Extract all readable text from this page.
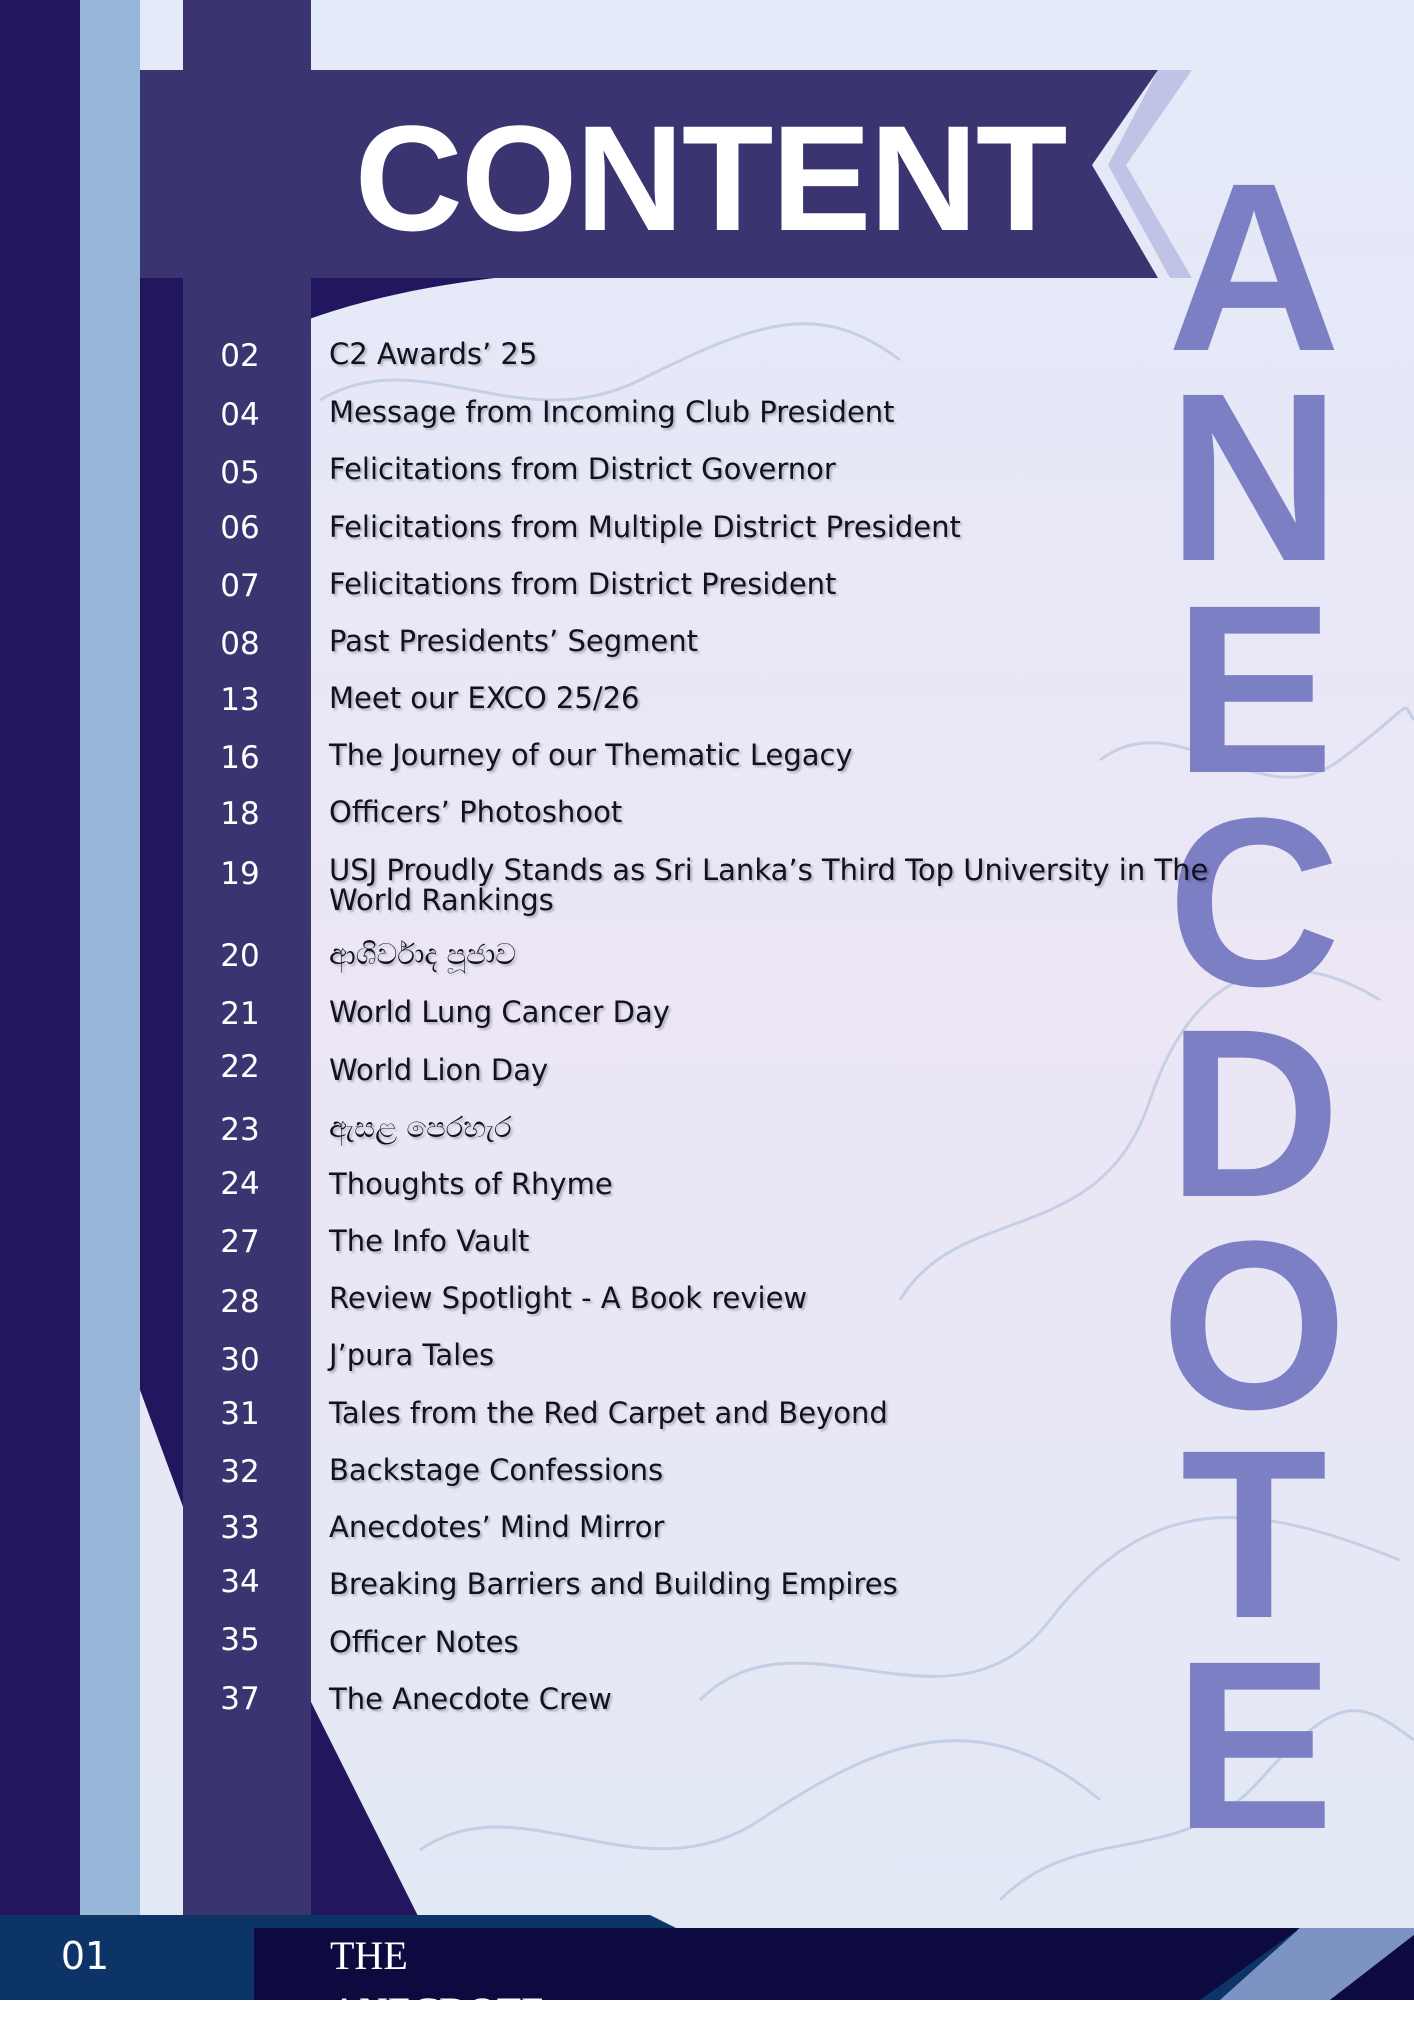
A
N
E
C
D
O
T
E
CONTENT
02	C2 Awards’ 25
04	Message from Incoming Club President
05	Felicitations from District Governor
06	Felicitations from Multiple District President
07	Felicitations from District President
08	Past Presidents’ Segment
13	Meet our EXCO 25/26
16	The Journey of our Thematic Legacy
18	Officers’ Photoshoot
19	USJ Proudly Stands as Sri Lanka’s Third Top University in The World Rankings
20	ආශිර්වාද පූජාව
21	World Lung Cancer Day
22	World Lion Day
23	ඇසළ පෙරහැර
24	Thoughts of Rhyme
27	The Info Vault
28	Review Spotlight - A Book review
30	J’pura Tales
31	Tales from the Red Carpet and Beyond
32	Backstage Confessions
33	Anecdotes’ Mind Mirror
34	Breaking Barriers and Building Empires
35	Officer Notes
37	The Anecdote Crew
01	THE ANECDOTE
